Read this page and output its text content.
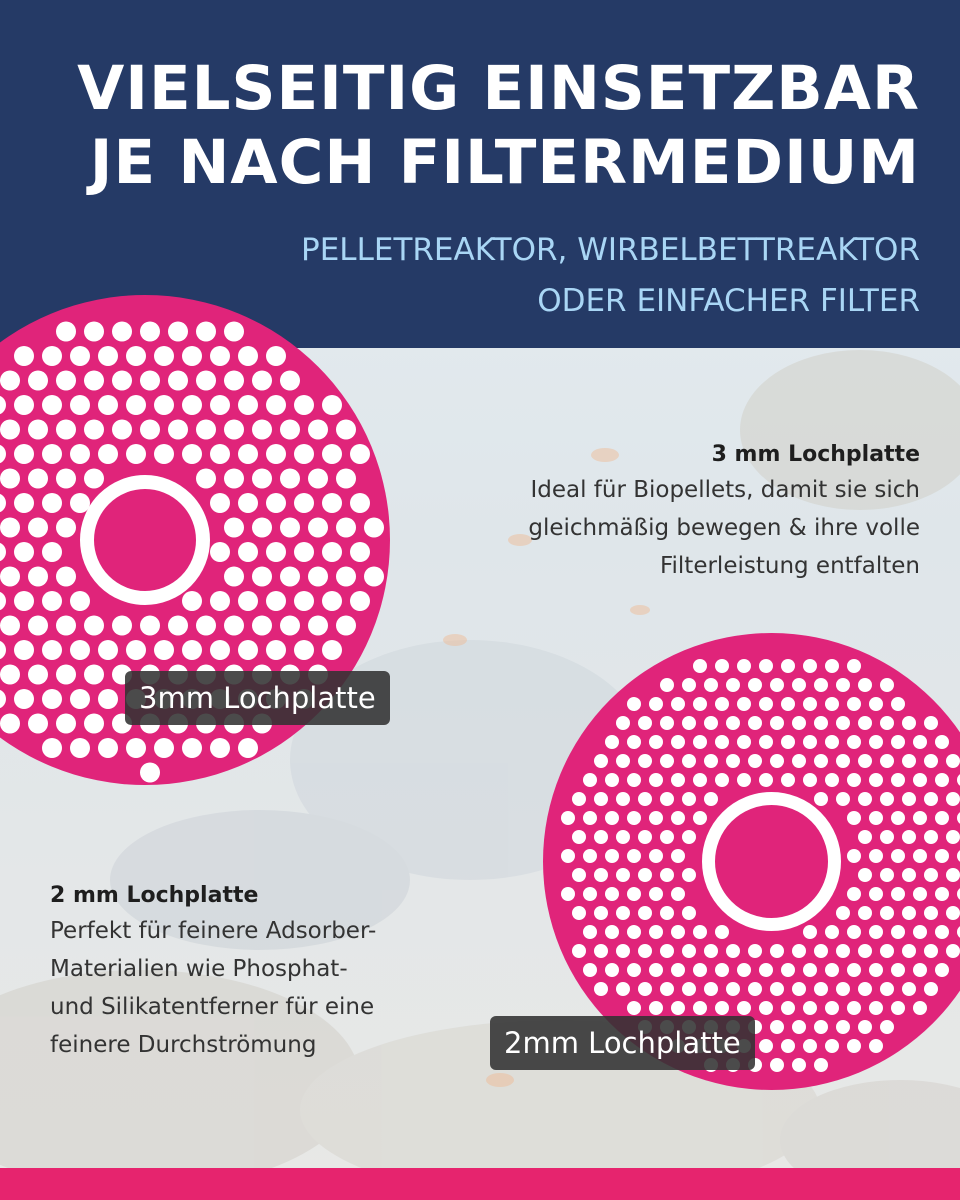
VIELSEITIG EINSETZBAR
JE NACH FILTERMEDIUM
PELLETREAKTOR, WIRBELBETTREAKTOR
ODER EINFACHER FILTER
3mm Lochplatte
2mm Lochplatte
3 mm Lochplatte

Ideal für Biopellets, damit sie sich
gleichmäßig bewegen & ihre volle
Filterleistung entfalten

2 mm Lochplatte

Perfekt für feinere Adsorber-
Materialien wie Phosphat-
und Silikatentferner für eine
feinere Durchströmung
